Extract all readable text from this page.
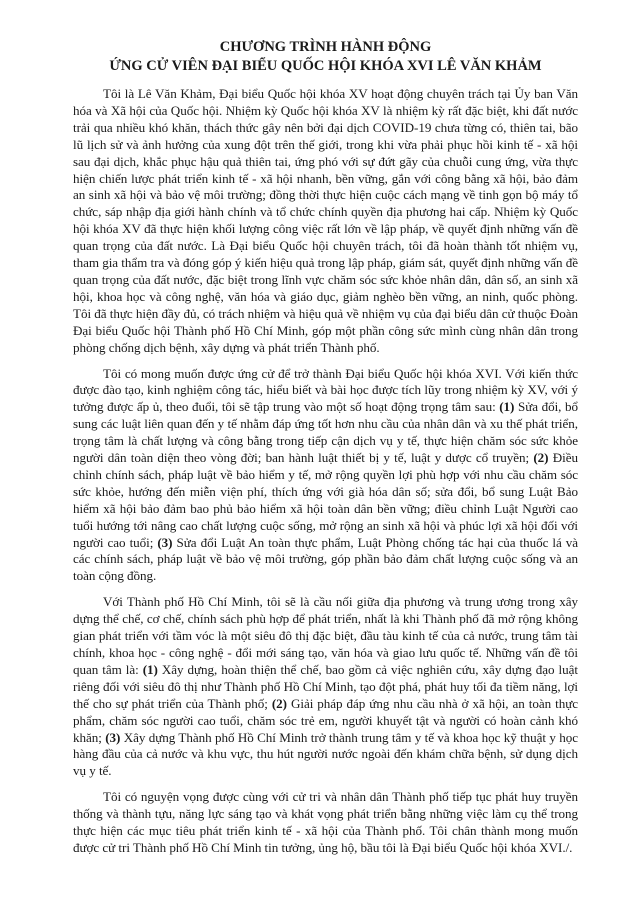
CHƯƠNG TRÌNH HÀNH ĐỘNG

ỨNG CỬ VIÊN ĐẠI BIỂU QUỐC HỘI KHÓA XVI LÊ VĂN KHẢM

Tôi là Lê Văn Khảm, Đại biểu Quốc hội khóa XV hoạt động chuyên trách tại Ủy ban Văn hóa và Xã hội của Quốc hội. Nhiệm kỳ Quốc hội khóa XV là nhiệm kỳ rất đặc biệt, khi đất nước trải qua nhiều khó khăn, thách thức gây nên bởi đại dịch COVID-19 chưa từng có, thiên tai, bão lũ lịch sử và ảnh hưởng của xung đột trên thế giới, trong khi vừa phải phục hồi kinh tế - xã hội sau đại dịch, khắc phục hậu quả thiên tai, ứng phó với sự đứt gãy của chuỗi cung ứng, vừa thực hiện chiến lược phát triển kinh tế - xã hội nhanh, bền vững, gắn với công bằng xã hội, bảo đảm an sinh xã hội và bảo vệ môi trường; đồng thời thực hiện cuộc cách mạng về tinh gọn bộ máy tổ chức, sáp nhập địa giới hành chính và tổ chức chính quyền địa phương hai cấp. Nhiệm kỳ Quốc hội khóa XV đã thực hiện khối lượng công việc rất lớn về lập pháp, về quyết định những vấn đề quan trọng của đất nước. Là Đại biểu Quốc hội chuyên trách, tôi đã hoàn thành tốt nhiệm vụ, tham gia thẩm tra và đóng góp ý kiến hiệu quả trong lập pháp, giám sát, quyết định những vấn đề quan trọng của đất nước, đặc biệt trong lĩnh vực chăm sóc sức khỏe nhân dân, dân số, an sinh xã hội, khoa học và công nghệ, văn hóa và giáo dục, giảm nghèo bền vững, an ninh, quốc phòng. Tôi đã thực hiện đầy đủ, có trách nhiệm và hiệu quả về nhiệm vụ của đại biểu dân cử thuộc Đoàn Đại biểu Quốc hội Thành phố Hồ Chí Minh, góp một phần công sức mình cùng nhân dân trong phòng chống dịch bệnh, xây dựng và phát triển Thành phố.

Tôi có mong muốn được ứng cử để trở thành Đại biểu Quốc hội khóa XVI. Với kiến thức được đào tạo, kinh nghiệm công tác, hiểu biết và bài học được tích lũy trong nhiệm kỳ XV, với ý tưởng được ấp ủ, theo đuổi, tôi sẽ tập trung vào một số hoạt động trọng tâm sau: (1) Sửa đổi, bổ sung các luật liên quan đến y tế nhằm đáp ứng tốt hơn nhu cầu của nhân dân và xu thế phát triển, trọng tâm là chất lượng và công bằng trong tiếp cận dịch vụ y tế, thực hiện chăm sóc sức khỏe người dân toàn diện theo vòng đời; ban hành luật thiết bị y tế, luật y dược cổ truyền; (2) Điều chỉnh chính sách, pháp luật về bảo hiểm y tế, mở rộng quyền lợi phù hợp với nhu cầu chăm sóc sức khỏe, hướng đến miễn viện phí, thích ứng với già hóa dân số; sửa đổi, bổ sung Luật Bảo hiểm xã hội bảo đảm bao phủ bảo hiểm xã hội toàn dân bền vững; điều chỉnh Luật Người cao tuổi hướng tới nâng cao chất lượng cuộc sống, mở rộng an sinh xã hội và phúc lợi xã hội đối với người cao tuổi; (3) Sửa đổi Luật An toàn thực phẩm, Luật Phòng chống tác hại của thuốc lá và các chính sách, pháp luật về bảo vệ môi trường, góp phần bảo đảm chất lượng cuộc sống và an toàn cộng đồng.

Với Thành phố Hồ Chí Minh, tôi sẽ là cầu nối giữa địa phương và trung ương trong xây dựng thể chế, cơ chế, chính sách phù hợp để phát triển, nhất là khi Thành phố đã mở rộng không gian phát triển với tầm vóc là một siêu đô thị đặc biệt, đầu tàu kinh tế của cả nước, trung tâm tài chính, khoa học - công nghệ - đổi mới sáng tạo, văn hóa và giao lưu quốc tế. Những vấn đề tôi quan tâm là: (1) Xây dựng, hoàn thiện thể chế, bao gồm cả việc nghiên cứu, xây dựng đạo luật riêng đối với siêu đô thị như Thành phố Hồ Chí Minh, tạo đột phá, phát huy tối đa tiềm năng, lợi thế cho sự phát triển của Thành phố; (2) Giải pháp đáp ứng nhu cầu nhà ở xã hội, an toàn thực phẩm, chăm sóc người cao tuổi, chăm sóc trẻ em, người khuyết tật và người có hoàn cảnh khó khăn; (3) Xây dựng Thành phố Hồ Chí Minh trở thành trung tâm y tế và khoa học kỹ thuật y học hàng đầu của cả nước và khu vực, thu hút người nước ngoài đến khám chữa bệnh, sử dụng dịch vụ y tế.

Tôi có nguyện vọng được cùng với cử tri và nhân dân Thành phố tiếp tục phát huy truyền thống và thành tựu, năng lực sáng tạo và khát vọng phát triển bằng những việc làm cụ thể trong thực hiện các mục tiêu phát triển kinh tế - xã hội của Thành phố. Tôi chân thành mong muốn được cử tri Thành phố Hồ Chí Minh tin tưởng, ủng hộ, bầu tôi là Đại biểu Quốc hội khóa XVI./.
